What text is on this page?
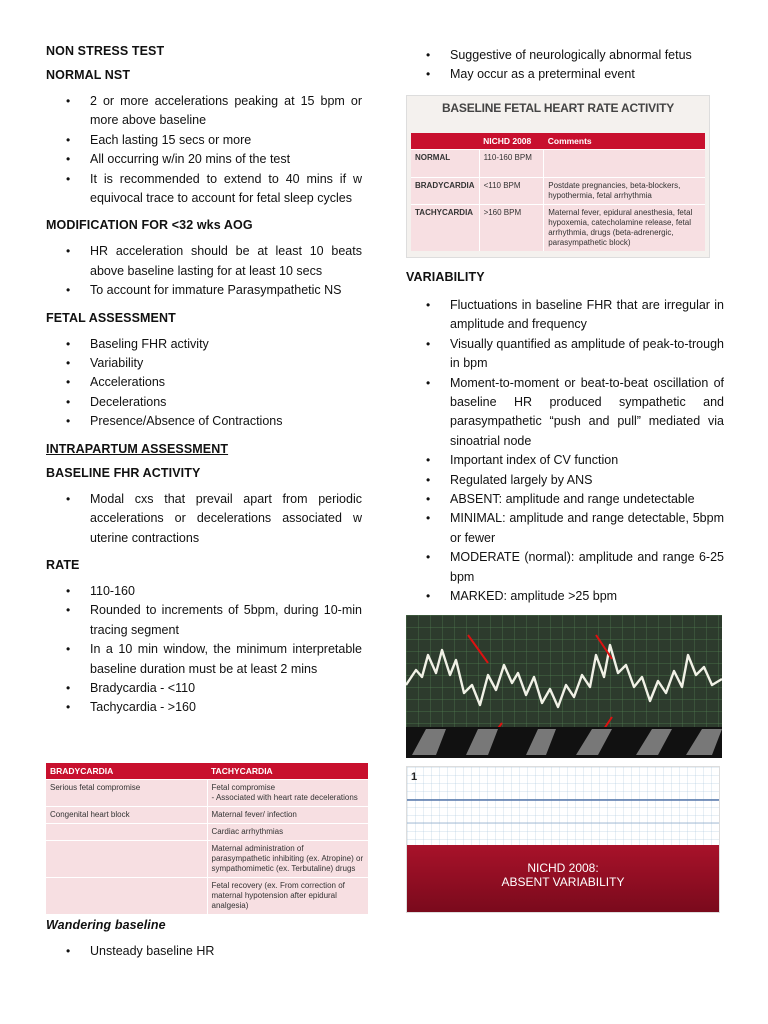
NON STRESS TEST
NORMAL NST
• 2 or more accelerations peaking at 15 bpm or more above baseline
• Each lasting 15 secs or more
• All occurring w/in 20 mins of the test
• It is recommended to extend to 40 mins if w equivocal trace to account for fetal sleep cycles
MODIFICATION FOR <32 wks AOG
• HR acceleration should be at least 10 beats above baseline lasting for at least 10 secs
• To account for immature Parasympathetic NS
FETAL ASSESSMENT
• Baseling FHR activity
• Variability
• Accelerations
• Decelerations
• Presence/Absence of Contractions
INTRAPARTUM ASSESSMENT
BASELINE FHR ACTIVITY
• Modal cxs that prevail apart from periodic accelerations or decelerations associated w uterine contractions
RATE
• 110-160
• Rounded to increments of 5bpm, during 10-min tracing segment
• In a 10 min window, the minimum interpretable baseline duration must be at least 2 mins
• Bradycardia - <110
• Tachycardia - >160
BRADYCARDIA	TACHYCARDIA
Serious fetal compromise	Fetal compromise
- Associated with heart rate decelerations
Congenital heart block	Maternal fever/ infection
	Cardiac arrhythmias
	Maternal administration of parasympathetic inhibiting (ex. Atropine) or sympathomimetic (ex. Terbutaline) drugs
	Fetal recovery (ex. From correction of maternal hypotension after epidural analgesia)
Wandering baseline
• Unsteady baseline HR
• Suggestive of neurologically abnormal fetus
• May occur as a preterminal event
BASELINE FETAL HEART RATE ACTIVITY
	NICHD 2008	Comments
NORMAL	110-160 BPM	
BRADYCARDIA	<110 BPM	Postdate pregnancies, beta-blockers, hypothermia, fetal arrhythmia
TACHYCARDIA	>160 BPM	Maternal fever, epidural anesthesia, fetal hypoxemia, catecholamine release, fetal arrhythmia, drugs (beta-adrenergic, parasympathetic block)
VARIABILITY
• Fluctuations in baseline FHR that are irregular in amplitude and frequency
• Visually quantified as amplitude of peak-to-trough in bpm
• Moment-to-moment or beat-to-beat oscillation of baseline HR produced sympathetic and parasympathetic “push and pull” mediated via sinoatrial node
• Important index of CV function
• Regulated largely by ANS
• ABSENT: amplitude and range undetectable
• MINIMAL: amplitude and range detectable, 5bpm or fewer
• MODERATE (normal): amplitude and range 6-25 bpm
• MARKED: amplitude >25 bpm
1
NICHD 2008:
ABSENT VARIABILITY
